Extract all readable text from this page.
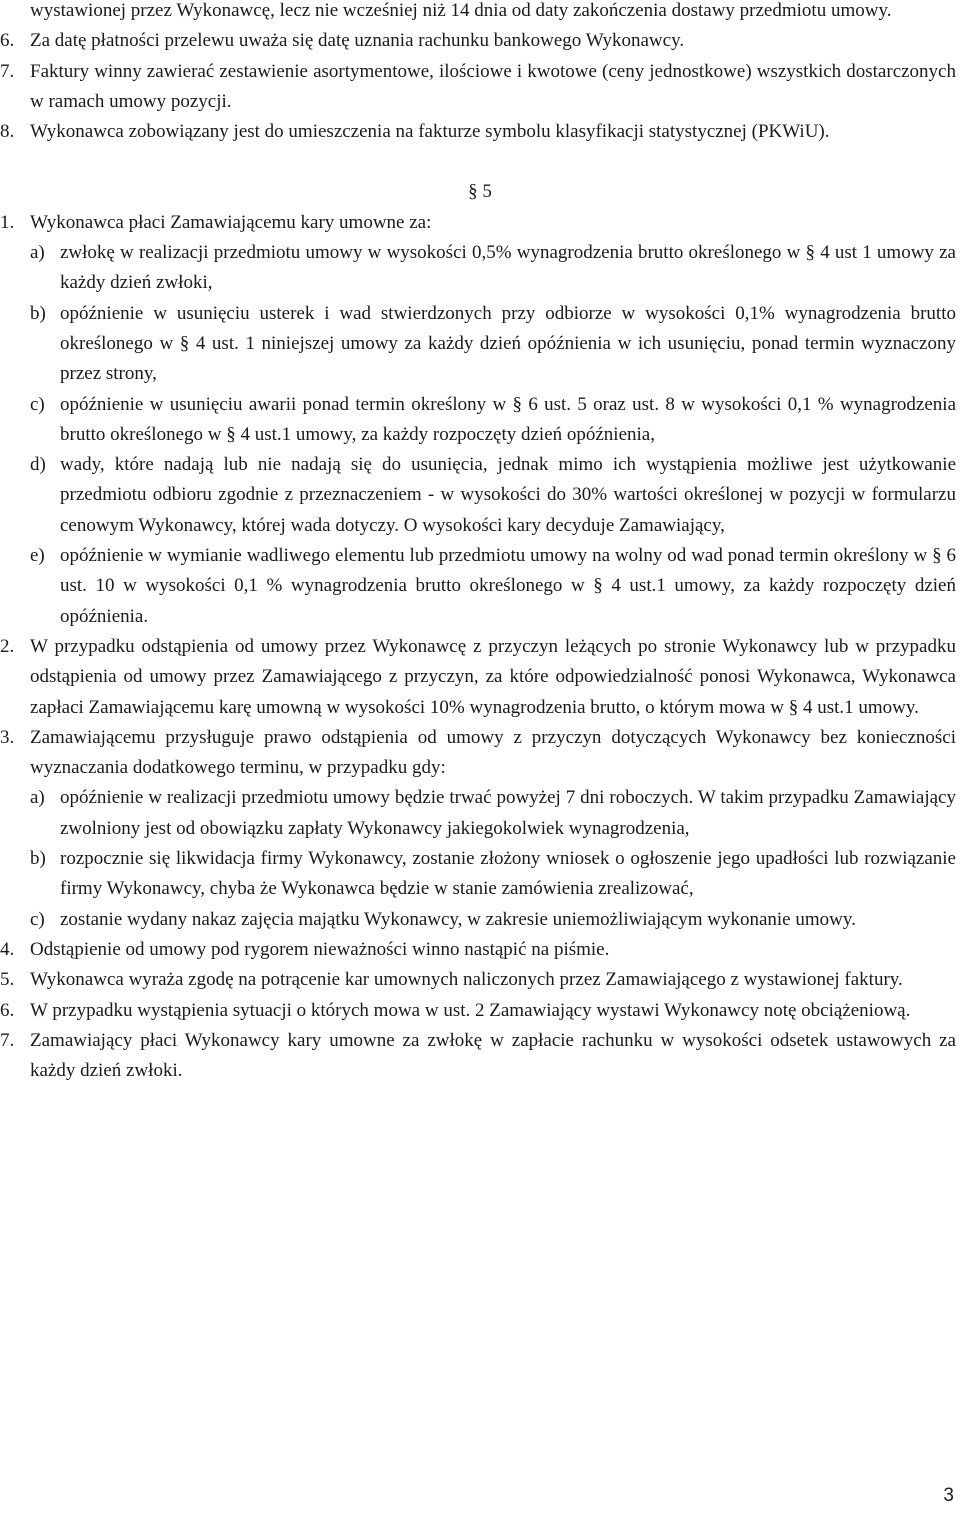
wystawionej przez Wykonawcę, lecz nie wcześniej niż 14 dnia od daty zakończenia dostawy przedmiotu umowy.
6. Za datę płatności przelewu uważa się datę uznania rachunku bankowego Wykonawcy.
7. Faktury winny zawierać zestawienie asortymentowe, ilościowe i kwotowe (ceny jednostkowe) wszystkich dostarczonych w ramach umowy pozycji.
8. Wykonawca zobowiązany jest do umieszczenia na fakturze symbolu klasyfikacji statystycznej (PKWiU).
§ 5
1. Wykonawca płaci Zamawiającemu kary umowne za:
a) zwłokę w realizacji przedmiotu umowy w wysokości 0,5% wynagrodzenia brutto określonego w § 4 ust 1 umowy za każdy dzień zwłoki,
b) opóźnienie w usunięciu usterek i wad stwierdzonych przy odbiorze w wysokości 0,1% wynagrodzenia brutto określonego w § 4 ust. 1 niniejszej umowy za każdy dzień opóźnienia w ich usunięciu, ponad termin wyznaczony przez strony,
c) opóźnienie w usunięciu awarii ponad termin określony w § 6 ust. 5 oraz ust. 8 w wysokości 0,1 % wynagrodzenia brutto określonego w § 4 ust.1 umowy, za każdy rozpoczęty dzień opóźnienia,
d) wady, które nadają lub nie nadają się do usunięcia, jednak mimo ich wystąpienia możliwe jest użytkowanie przedmiotu odbioru zgodnie z przeznaczeniem - w wysokości do 30% wartości określonej w pozycji w formularzu cenowym Wykonawcy, której wada dotyczy. O wysokości kary decyduje Zamawiający,
e) opóźnienie w wymianie wadliwego elementu lub przedmiotu umowy na wolny od wad ponad termin określony w § 6 ust. 10 w wysokości 0,1 % wynagrodzenia brutto określonego w § 4 ust.1 umowy, za każdy rozpoczęty dzień opóźnienia.
2. W przypadku odstąpienia od umowy przez Wykonawcę z przyczyn leżących po stronie Wykonawcy lub w przypadku odstąpienia od umowy przez Zamawiającego z przyczyn, za które odpowiedzialność ponosi Wykonawca, Wykonawca zapłaci Zamawiającemu karę umowną w wysokości 10% wynagrodzenia brutto, o którym mowa w § 4 ust.1 umowy.
3. Zamawiającemu przysługuje prawo odstąpienia od umowy z przyczyn dotyczących Wykonawcy bez konieczności wyznaczania dodatkowego terminu, w przypadku gdy:
a) opóźnienie w realizacji przedmiotu umowy będzie trwać powyżej 7 dni roboczych. W takim przypadku Zamawiający zwolniony jest od obowiązku zapłaty Wykonawcy jakiegokolwiek wynagrodzenia,
b) rozpocznie się likwidacja firmy Wykonawcy, zostanie złożony wniosek o ogłoszenie jego upadłości lub rozwiązanie firmy Wykonawcy, chyba że Wykonawca będzie w stanie zamówienia zrealizować,
c) zostanie wydany nakaz zajęcia majątku Wykonawcy, w zakresie uniemożliwiającym wykonanie umowy.
4. Odstąpienie od umowy pod rygorem nieważności winno nastąpić na piśmie.
5. Wykonawca wyraża zgodę na potrącenie kar umownych naliczonych przez Zamawiającego z wystawionej faktury.
6. W przypadku wystąpienia sytuacji o których mowa w ust. 2 Zamawiający wystawi Wykonawcy notę obciążeniową.
7. Zamawiający płaci Wykonawcy kary umowne za zwłokę w zapłacie rachunku w wysokości odsetek ustawowych za każdy dzień zwłoki.
3
